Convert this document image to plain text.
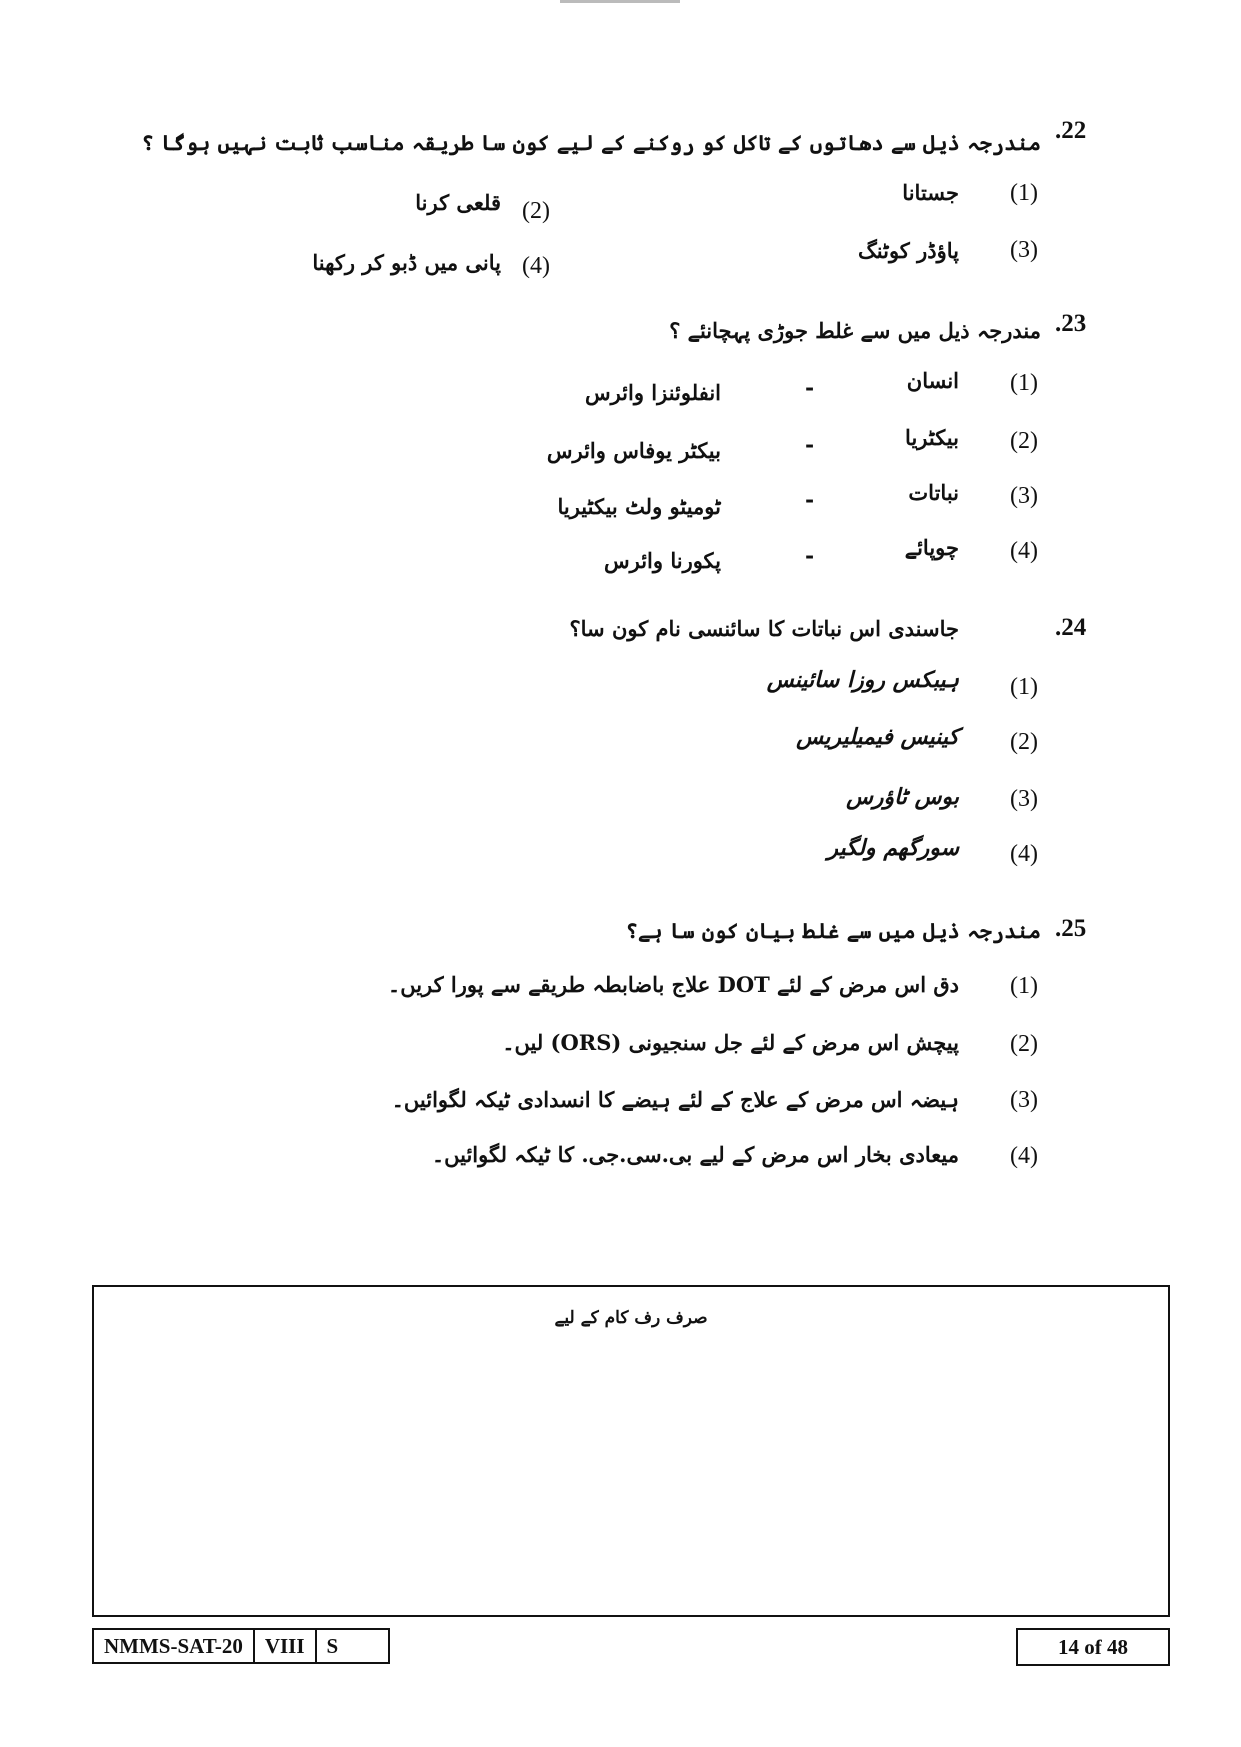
.22
مندرجہ ذیل سے دھاتوں کے تاکل کو روکنے کے لیے کون سا طریقہ مناسب ثابت نہیں ہوگا ؟
(1)
جستانا
(2)
قلعی کرنا
(3)
پاؤڈر کوٹنگ
(4)
پانی میں ڈبو کر رکھنا
.23
مندرجہ ذیل میں سے غلط جوڑی پہچانئے ؟
(1)
انسان
-
انفلوئنزا وائرس
(2)
بیکٹریا
-
بیکٹر یوفاس وائرس
(3)
نباتات
-
ٹومیٹو ولٹ بیکٹیریا
(4)
چوپائے
-
پکورنا وائرس
.24
جاسندی اس نباتات کا سائنسی نام کون سا؟
(1)
ہیبکس روزا سائینس
(2)
کینیس فیمیلیریس
(3)
بوس ٹاؤرس
(4)
سورگھم ولگیر
.25
مندرجہ ذیل میں سے غلط بیان کون سا ہے؟
(1)
دق اس مرض کے لئے DOT علاج باضابطہ طریقے سے پورا کریں۔
(2)
پیچش اس مرض کے لئے جل سنجیونی (ORS) لیں۔
(3)
ہیضہ اس مرض کے علاج کے لئے ہیضے کا انسدادی ٹیکہ لگوائیں۔
(4)
میعادی بخار اس مرض کے لیے بی.سی.جی. کا ٹیکہ لگوائیں۔
صرف رف کام کے لیے
NMMS-SAT-20	VIII	S	14 of 48
